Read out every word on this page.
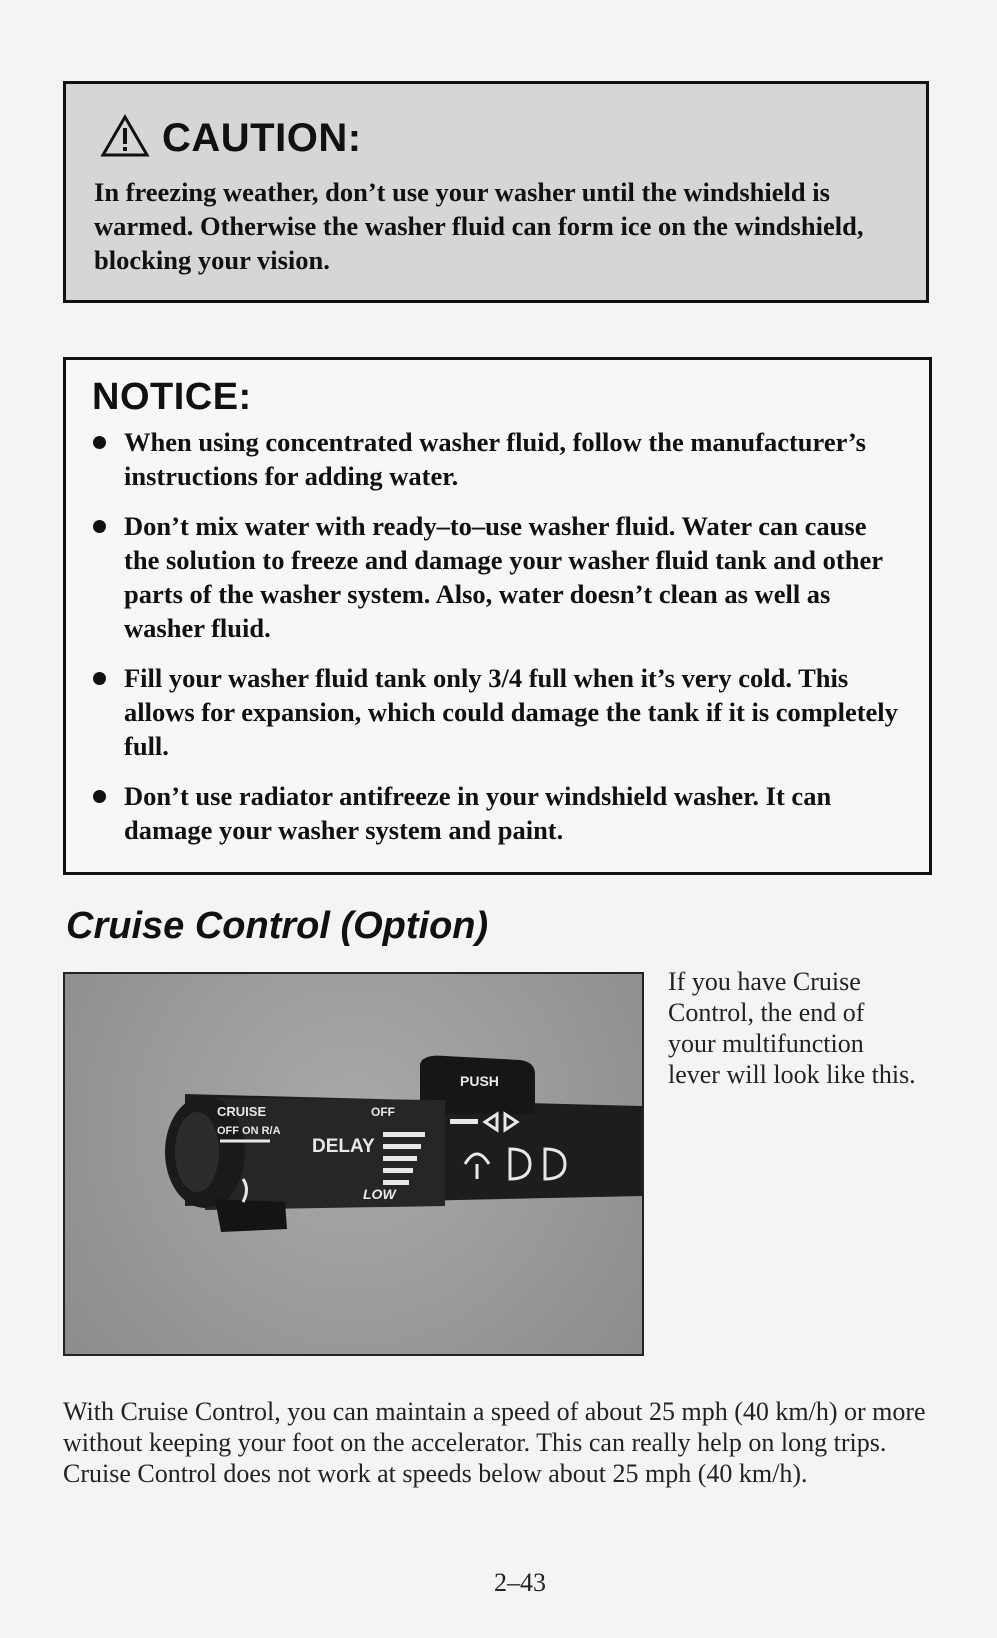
CAUTION:
In freezing weather, don’t use your washer until the windshield is warmed. Otherwise the washer fluid can form ice on the windshield, blocking your vision.
NOTICE:
When using concentrated washer fluid, follow the manufacturer’s instructions for adding water.
Don’t mix water with ready–to–use washer fluid. Water can cause the solution to freeze and damage your washer fluid tank and other parts of the washer system. Also, water doesn’t clean as well as washer fluid.
Fill your washer fluid tank only 3/4 full when it’s very cold. This allows for expansion, which could damage the tank if it is completely full.
Don’t use radiator antifreeze in your windshield washer. It can damage your washer system and paint.
Cruise Control (Option)
CRUISE
OFF ON R/A
OFF
DELAY
LOW
PUSH
If you have Cruise Control, the end of your multifunction lever will look like this.
With Cruise Control, you can maintain a speed of about 25 mph (40 km/h) or more without keeping your foot on the accelerator. This can really help on long trips. Cruise Control does not work at speeds below about 25 mph (40 km/h).
2–43
